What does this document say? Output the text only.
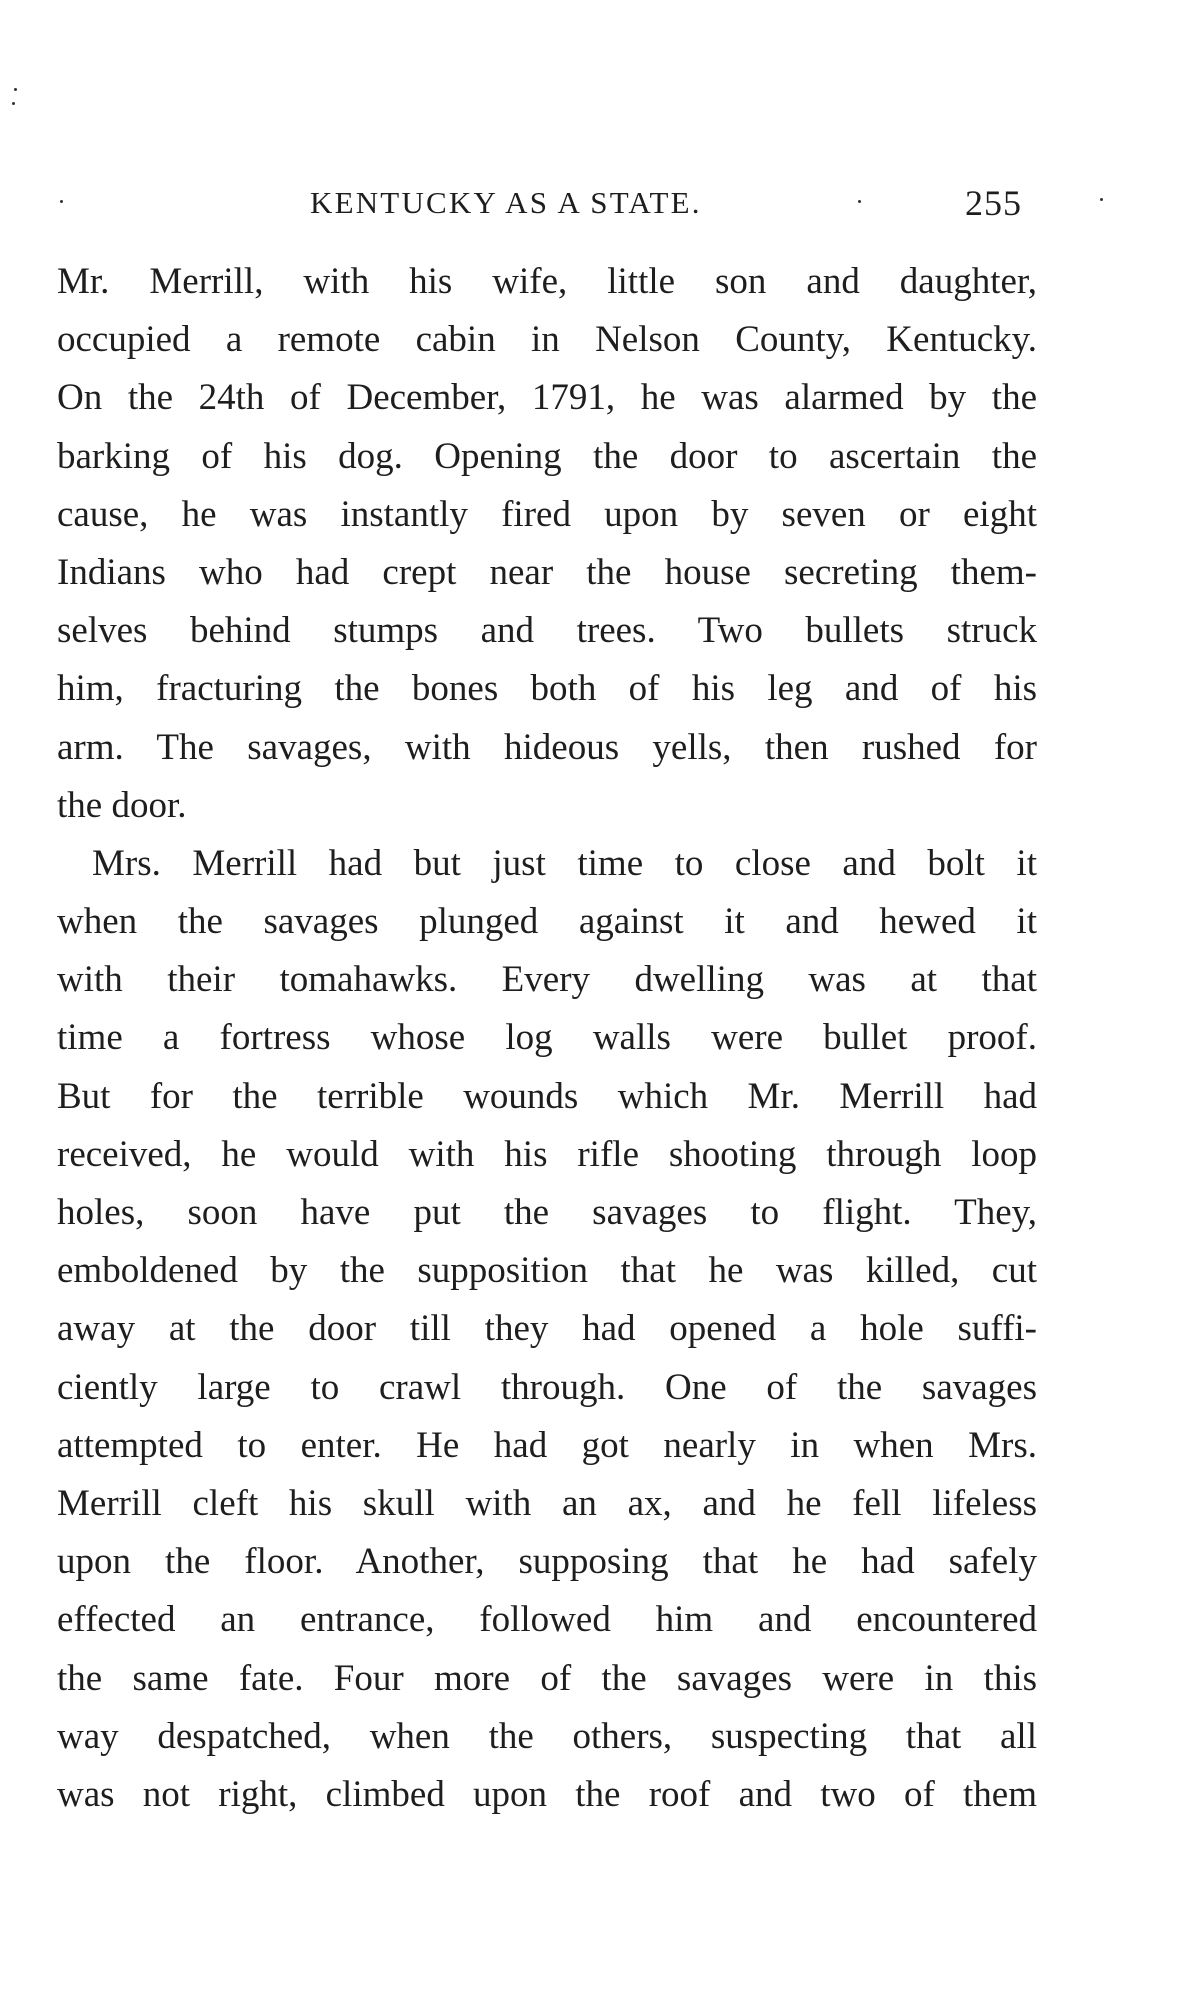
KENTUCKY AS A STATE.	255
Mr. Merrill, with his wife, little son and daughter,
occupied a remote cabin in Nelson County, Kentucky.
On the 24th of December, 1791, he was alarmed by the
barking of his dog. Opening the door to ascertain the
cause, he was instantly fired upon by seven or eight
Indians who had crept near the house secreting them-
selves behind stumps and trees. Two bullets struck
him, fracturing the bones both of his leg and of his
arm. The savages, with hideous yells, then rushed for
the door.
Mrs. Merrill had but just time to close and bolt it
when the savages plunged against it and hewed it
with their tomahawks. Every dwelling was at that
time a fortress whose log walls were bullet proof.
But for the terrible wounds which Mr. Merrill had
received, he would with his rifle shooting through loop
holes, soon have put the savages to flight. They,
emboldened by the supposition that he was killed, cut
away at the door till they had opened a hole suffi-
ciently large to crawl through. One of the savages
attempted to enter. He had got nearly in when Mrs.
Merrill cleft his skull with an ax, and he fell lifeless
upon the floor. Another, supposing that he had safely
effected an entrance, followed him and encountered
the same fate. Four more of the savages were in this
way despatched, when the others, suspecting that all
was not right, climbed upon the roof and two of them
